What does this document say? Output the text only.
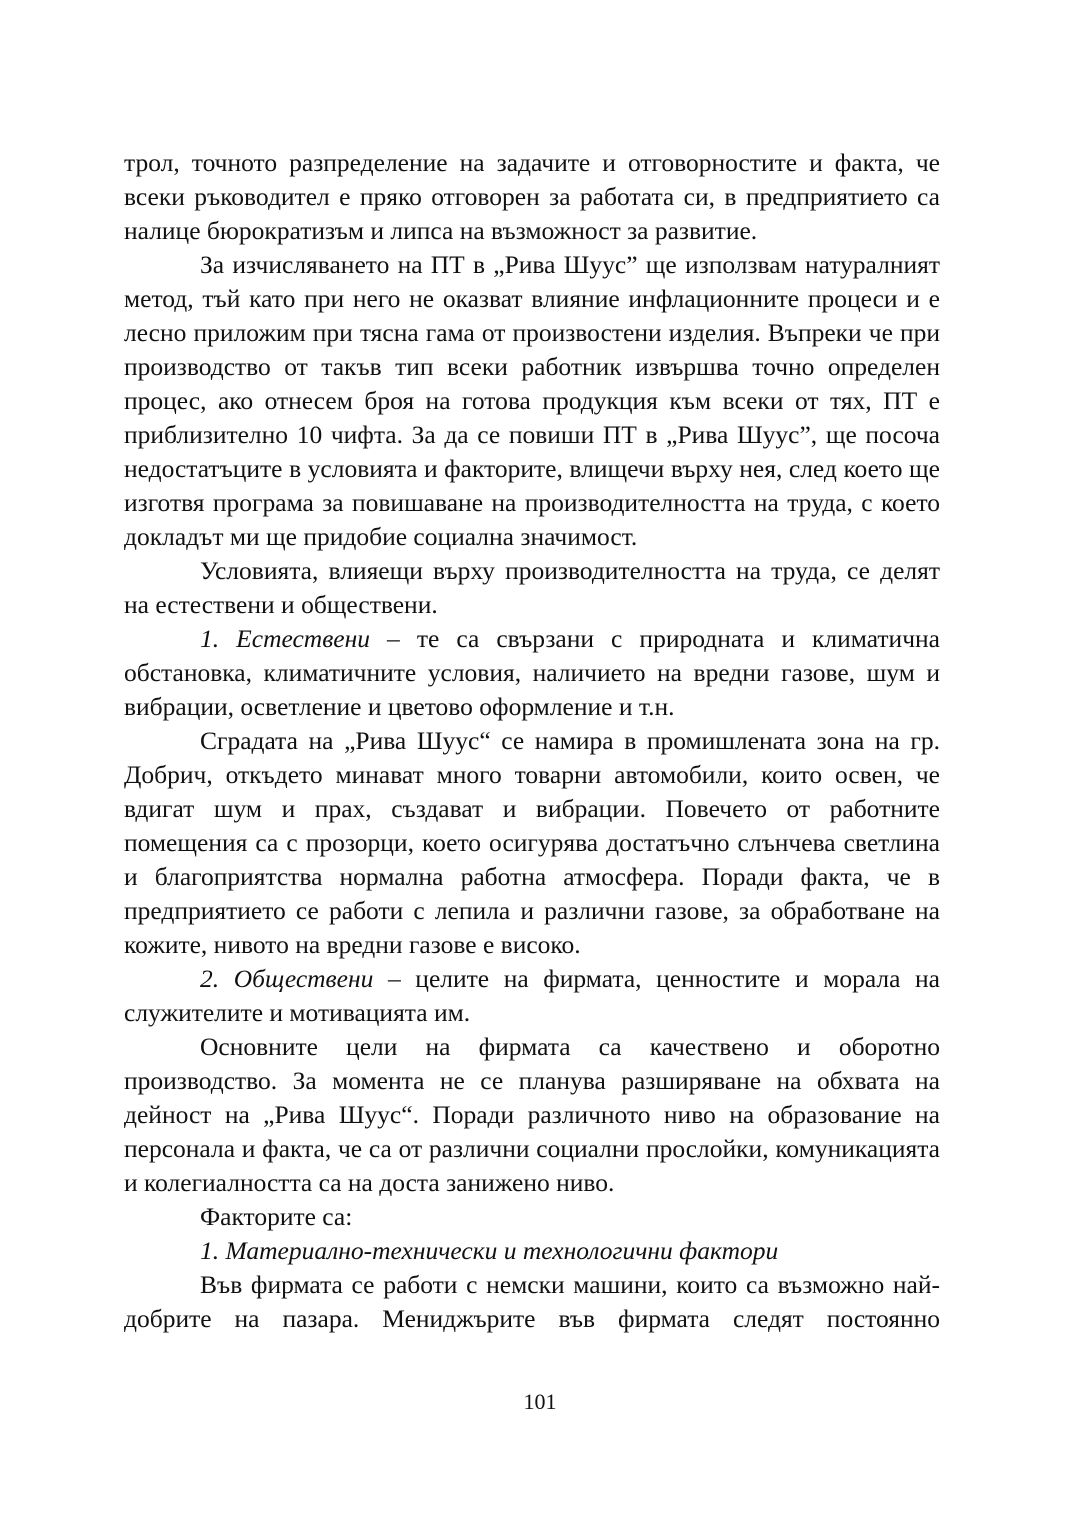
трол, точното разпределение на задачите и отговорностите и факта, че всеки ръководител е пряко отговорен за работата си, в предприятието са налице бюрократизъм и липса на възможност за развитие.

За изчисляването на ПТ в „Рива Шуус” ще използвам натуралният метод, тъй като при него не оказват влияние инфлационните процеси и е лесно приложим при тясна гама от произвостени изделия. Въпреки че при производство от такъв тип всеки работник извършва точно определен процес, ако отнесем броя на готова продукция към всеки от тях, ПТ е приблизително 10 чифта. За да се повиши ПТ в „Рива Шуус”, ще посоча недостатъците в условията и факторите, влищечи върху нея, след което ще изготвя програма за повишаване на производителността на труда, с което докладът ми ще придобие социална значимост.

Условията, влияещи върху производителността на труда, се делят на естествени и обществени.

1. Естествени – те са свързани с природната и климатична обстановка, климатичните условия, наличието на вредни газове, шум и вибрации, осветление и цветово оформление и т.н.

Сградата на „Рива Шуус“ се намира в промишлената зона на гр. Добрич, откъдето минават много товарни автомобили, които освен, че вдигат шум и прах, създават и вибрации. Повечето от работните помещения са с прозорци, което осигурява достатъчно слънчева светлина и благоприятства нормална работна атмосфера. Поради факта, че в предприятието се работи с лепила и различни газове, за обработване на кожите, нивото на вредни газове е високо.

2. Обществени – целите на фирмата, ценностите и морала на служителите и мотивацията им.

Основните цели на фирмата са качествено и оборотно производство. За момента не се планува разширяване на обхвата на дейност на „Рива Шуус“. Поради различното ниво на образование на персонала и факта, че са от различни социални прослойки, комуникацията и колегиалността са на доста занижено ниво.

Факторите са:

1. Материално-технически и технологични фактори

Във фирмата се работи с немски машини, които са възможно най-добрите на пазара. Мениджърите във фирмата следят постоянно

101
